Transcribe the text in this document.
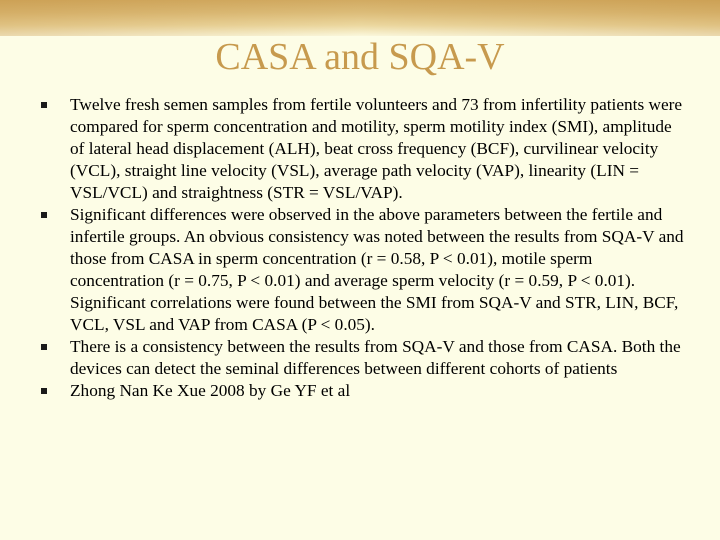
CASA and SQA-V
Twelve fresh semen samples from fertile volunteers and 73 from infertility patients were compared for sperm concentration and motility, sperm motility index (SMI), amplitude of lateral head displacement (ALH), beat cross frequency (BCF), curvilinear velocity (VCL), straight line velocity (VSL), average path velocity (VAP), linearity (LIN = VSL/VCL) and straightness (STR = VSL/VAP).
Significant differences were observed in the above parameters between the fertile and infertile groups. An obvious consistency was noted between the results from SQA-V and those from CASA in sperm concentration (r = 0.58, P < 0.01), motile sperm concentration (r = 0.75, P < 0.01) and average sperm velocity (r = 0.59, P < 0.01). Significant correlations were found between the SMI from SQA-V and STR, LIN, BCF, VCL, VSL and VAP from CASA (P < 0.05).
There is a consistency between the results from SQA-V and those from CASA. Both the devices can detect the seminal differences between different cohorts of patients
Zhong Nan Ke Xue 2008 by Ge YF et al
